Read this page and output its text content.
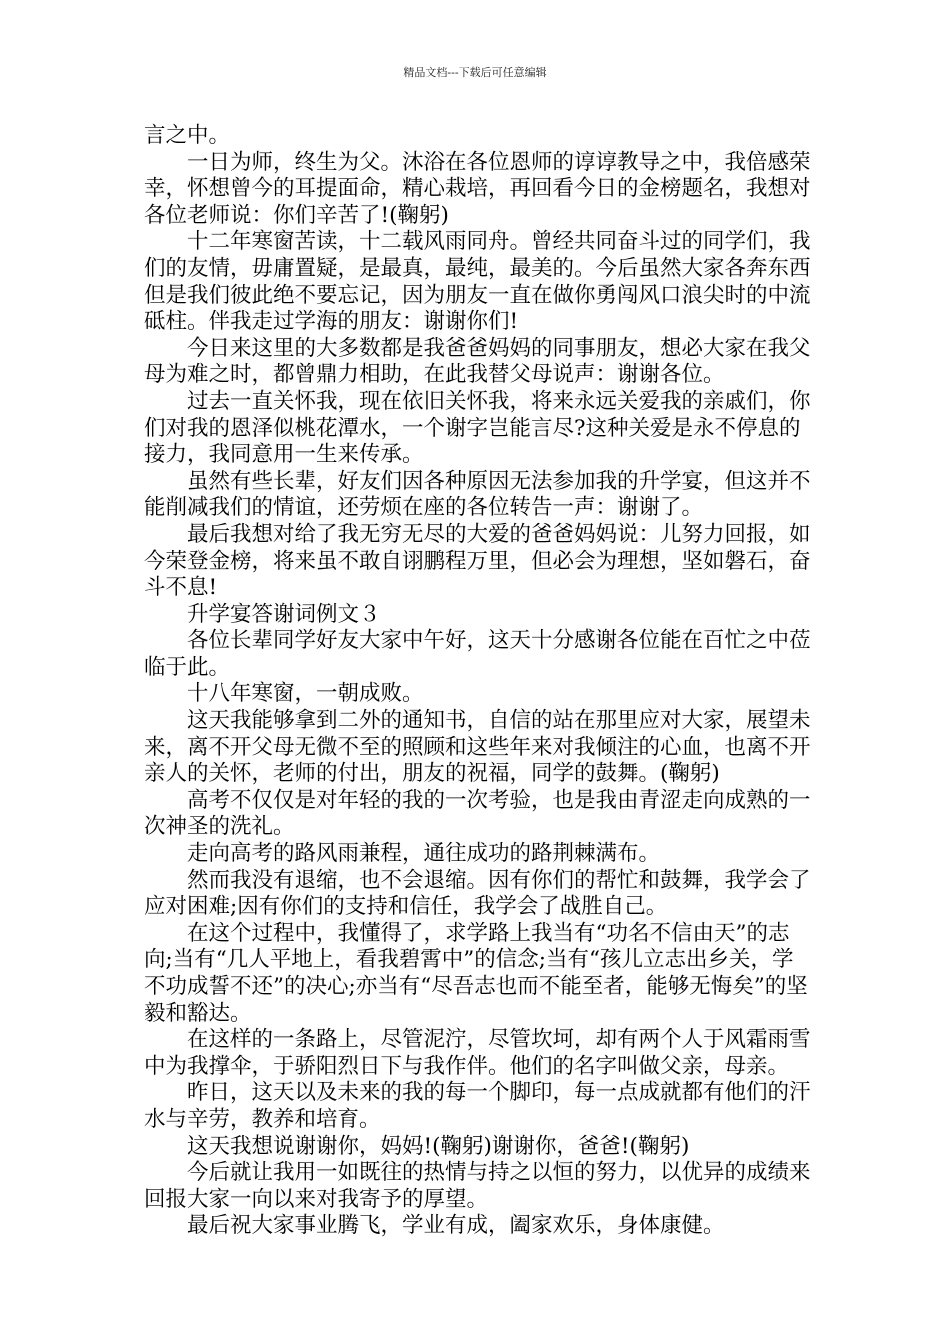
精品文档---下载后可任意编辑

言之中。

一日为师，终生为父。沐浴在各位恩师的谆谆教导之中，我倍感荣幸，怀想曾今的耳提面命，精心栽培，再回看今日的金榜题名，我想对各位老师说：你们辛苦了!(鞠躬)

十二年寒窗苦读，十二载风雨同舟。曾经共同奋斗过的同学们，我们的友情，毋庸置疑，是最真，最纯，最美的。今后虽然大家各奔东西但是我们彼此绝不要忘记，因为朋友一直在做你勇闯风口浪尖时的中流砥柱。伴我走过学海的朋友：谢谢你们!

今日来这里的大多数都是我爸爸妈妈的同事朋友，想必大家在我父母为难之时，都曾鼎力相助，在此我替父母说声：谢谢各位。

过去一直关怀我，现在依旧关怀我，将来永远关爱我的亲戚们，你们对我的恩泽似桃花潭水，一个谢字岂能言尽?这种关爱是永不停息的接力，我同意用一生来传承。

虽然有些长辈，好友们因各种原因无法参加我的升学宴，但这并不能削减我们的情谊，还劳烦在座的各位转告一声：谢谢了。

最后我想对给了我无穷无尽的大爱的爸爸妈妈说：儿努力回报，如今荣登金榜，将来虽不敢自诩鹏程万里，但必会为理想，坚如磐石，奋斗不息!

升学宴答谢词例文３

各位长辈同学好友大家中午好，这天十分感谢各位能在百忙之中莅临于此。

十八年寒窗，一朝成败。

这天我能够拿到二外的通知书，自信的站在那里应对大家，展望未来，离不开父母无微不至的照顾和这些年来对我倾注的心血，也离不开亲人的关怀，老师的付出，朋友的祝福，同学的鼓舞。(鞠躬)

高考不仅仅是对年轻的我的一次考验，也是我由青涩走向成熟的一次神圣的洗礼。

走向高考的路风雨兼程，通往成功的路荆棘满布。

然而我没有退缩，也不会退缩。因有你们的帮忙和鼓舞，我学会了应对困难;因有你们的支持和信任，我学会了战胜自己。

在这个过程中，我懂得了，求学路上我当有“功名不信由天”的志向;当有“几人平地上，看我碧霄中”的信念;当有“孩儿立志出乡关，学不功成誓不还”的决心;亦当有“尽吾志也而不能至者，能够无悔矣”的坚毅和豁达。

在这样的一条路上，尽管泥泞，尽管坎坷，却有两个人于风霜雨雪中为我撑伞，于骄阳烈日下与我作伴。他们的名字叫做父亲，母亲。

昨日，这天以及未来的我的每一个脚印，每一点成就都有他们的汗水与辛劳，教养和培育。

这天我想说谢谢你，妈妈!(鞠躬)谢谢你，爸爸!(鞠躬)

今后就让我用一如既往的热情与持之以恒的努力，以优异的成绩来回报大家一向以来对我寄予的厚望。

最后祝大家事业腾飞，学业有成，阖家欢乐，身体康健。
